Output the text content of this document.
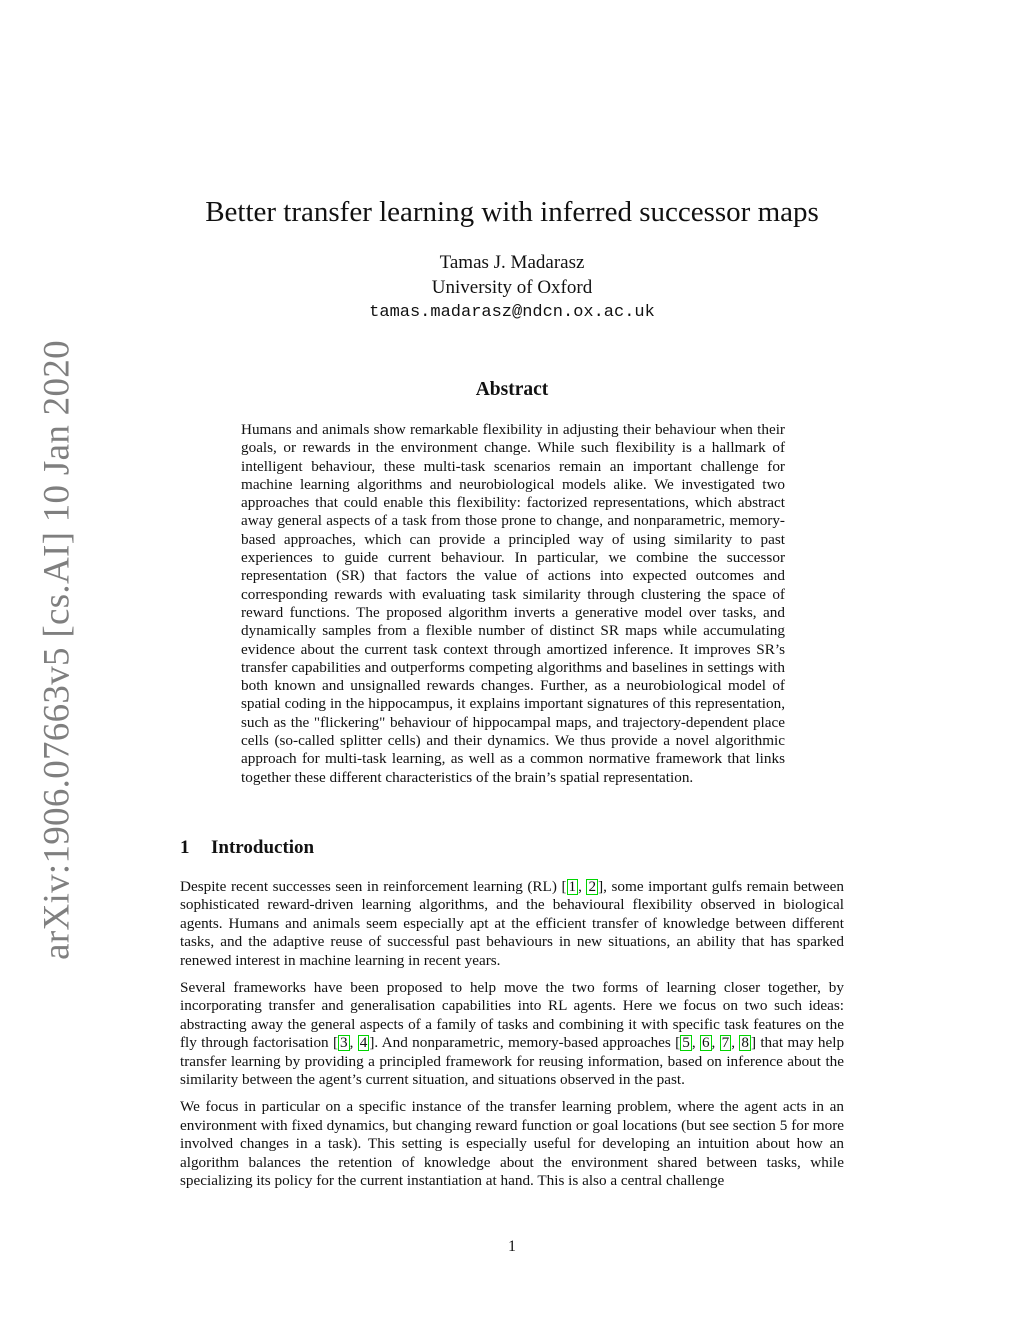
arXiv:1906.07663v5 [cs.AI] 10 Jan 2020
Better transfer learning with inferred successor maps
Tamas J. Madarasz
University of Oxford
tamas.madarasz@ndcn.ox.ac.uk
Abstract
Humans and animals show remarkable flexibility in adjusting their behaviour when their goals, or rewards in the environment change. While such flexibility is a hallmark of intelligent behaviour, these multi-task scenarios remain an important challenge for machine learning algorithms and neurobiological models alike. We investigated two approaches that could enable this flexibility: factorized representations, which abstract away general aspects of a task from those prone to change, and nonparametric, memory-based approaches, which can provide a principled way of using similarity to past experiences to guide current behaviour. In particular, we combine the successor representation (SR) that factors the value of actions into expected outcomes and corresponding rewards with evaluating task similarity through clustering the space of reward functions. The proposed algorithm inverts a generative model over tasks, and dynamically samples from a flexible number of distinct SR maps while accumulating evidence about the current task context through amortized inference. It improves SR’s transfer capabilities and outperforms competing algorithms and baselines in settings with both known and unsignalled rewards changes. Further, as a neurobiological model of spatial coding in the hippocampus, it explains important signatures of this representation, such as the "flickering" behaviour of hippocampal maps, and trajectory-dependent place cells (so-called splitter cells) and their dynamics. We thus provide a novel algorithmic approach for multi-task learning, as well as a common normative framework that links together these different characteristics of the brain’s spatial representation.
1 Introduction

Despite recent successes seen in reinforcement learning (RL) [ 1 , 2 ], some important gulfs remain between sophisticated reward-driven learning algorithms, and the behavioural flexibility observed in biological agents. Humans and animals seem especially apt at the efficient transfer of knowledge between different tasks, and the adaptive reuse of successful past behaviours in new situations, an ability that has sparked renewed interest in machine learning in recent years.

Several frameworks have been proposed to help move the two forms of learning closer together, by incorporating transfer and generalisation capabilities into RL agents. Here we focus on two such ideas: abstracting away the general aspects of a family of tasks and combining it with specific task features on the fly through factorisation [ 3 , 4 ]. And nonparametric, memory-based approaches [ 5 , 6 , 7 , 8 ] that may help transfer learning by providing a principled framework for reusing information, based on inference about the similarity between the agent’s current situation, and situations observed in the past.

We focus in particular on a specific instance of the transfer learning problem, where the agent acts in an environment with fixed dynamics, but changing reward function or goal locations (but see section 5 for more involved changes in a task). This setting is especially useful for developing an intuition about how an algorithm balances the retention of knowledge about the environment shared between tasks, while specializing its policy for the current instantiation at hand. This is also a central challenge

1
